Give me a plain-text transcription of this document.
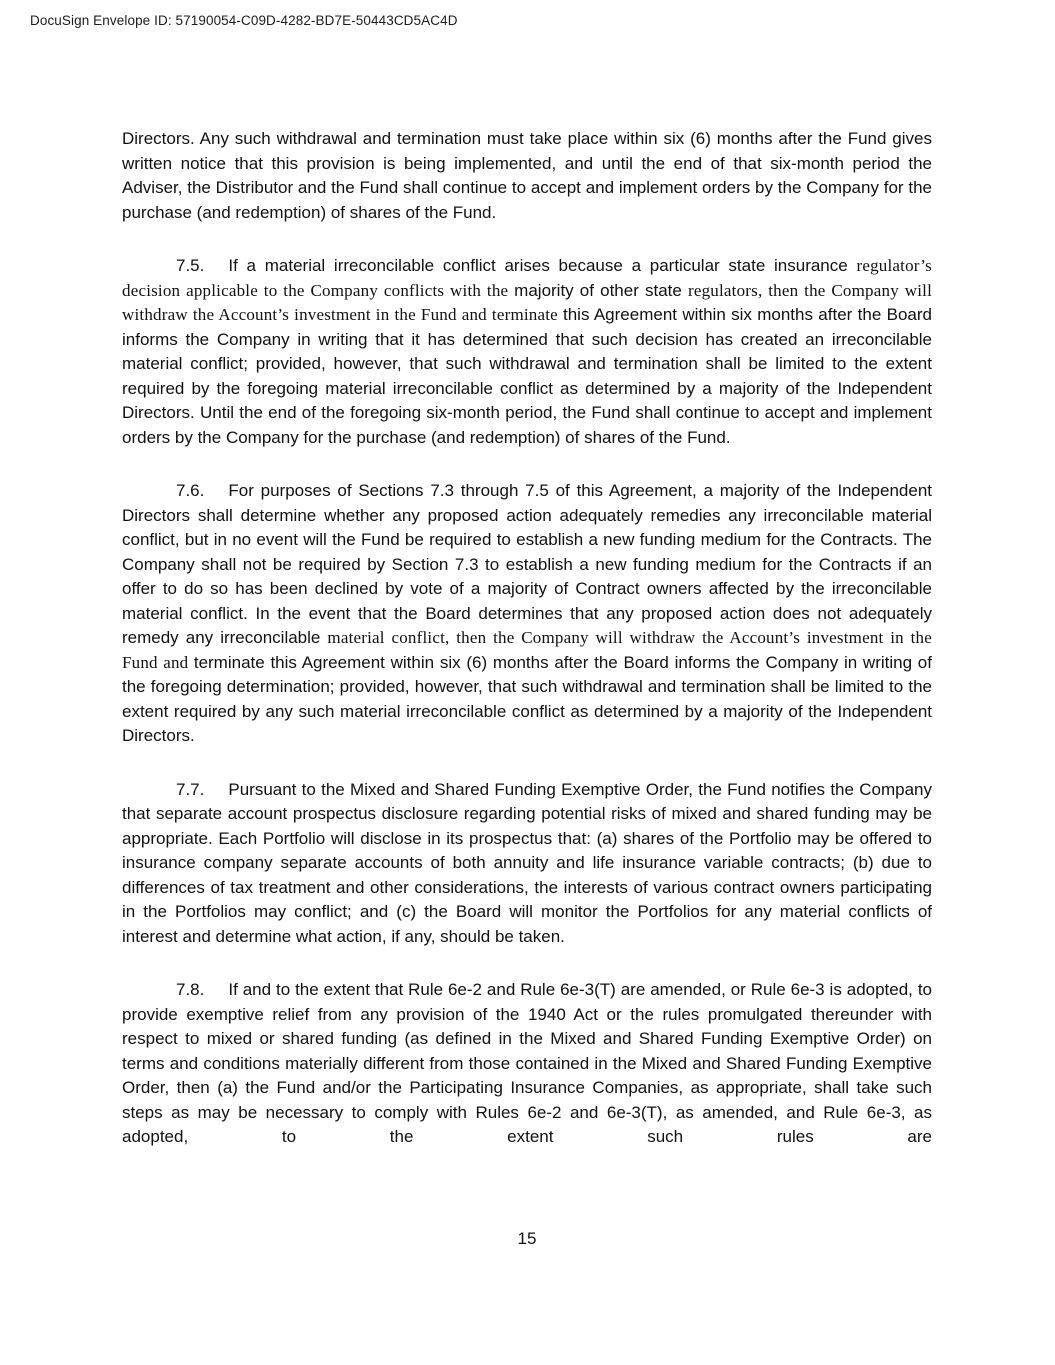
DocuSign Envelope ID: 57190054-C09D-4282-BD7E-50443CD5AC4D

Directors. Any such withdrawal and termination must take place within six (6) months after the Fund gives written notice that this provision is being implemented, and until the end of that six-month period the Adviser, the Distributor and the Fund shall continue to accept and implement orders by the Company for the purchase (and redemption) of shares of the Fund.

7.5. If a material irreconcilable conflict arises because a particular state insurance regulator’s decision applicable to the Company conflicts with the majority of other state regulators, then the Company will withdraw the Account’s investment in the Fund and terminate this Agreement within six months after the Board informs the Company in writing that it has determined that such decision has created an irreconcilable material conflict; provided, however, that such withdrawal and termination shall be limited to the extent required by the foregoing material irreconcilable conflict as determined by a majority of the Independent Directors. Until the end of the foregoing six-month period, the Fund shall continue to accept and implement orders by the Company for the purchase (and redemption) of shares of the Fund.

7.6. For purposes of Sections 7.3 through 7.5 of this Agreement, a majority of the Independent Directors shall determine whether any proposed action adequately remedies any irreconcilable material conflict, but in no event will the Fund be required to establish a new funding medium for the Contracts. The Company shall not be required by Section 7.3 to establish a new funding medium for the Contracts if an offer to do so has been declined by vote of a majority of Contract owners affected by the irreconcilable material conflict. In the event that the Board determines that any proposed action does not adequately remedy any irreconcilable material conflict, then the Company will withdraw the Account’s investment in the Fund and terminate this Agreement within six (6) months after the Board informs the Company in writing of the foregoing determination; provided, however, that such withdrawal and termination shall be limited to the extent required by any such material irreconcilable conflict as determined by a majority of the Independent Directors.

7.7. Pursuant to the Mixed and Shared Funding Exemptive Order, the Fund notifies the Company that separate account prospectus disclosure regarding potential risks of mixed and shared funding may be appropriate. Each Portfolio will disclose in its prospectus that: (a) shares of the Portfolio may be offered to insurance company separate accounts of both annuity and life insurance variable contracts; (b) due to differences of tax treatment and other considerations, the interests of various contract owners participating in the Portfolios may conflict; and (c) the Board will monitor the Portfolios for any material conflicts of interest and determine what action, if any, should be taken.

7.8. If and to the extent that Rule 6e-2 and Rule 6e-3(T) are amended, or Rule 6e-3 is adopted, to provide exemptive relief from any provision of the 1940 Act or the rules promulgated thereunder with respect to mixed or shared funding (as defined in the Mixed and Shared Funding Exemptive Order) on terms and conditions materially different from those contained in the Mixed and Shared Funding Exemptive Order, then (a) the Fund and/or the Participating Insurance Companies, as appropriate, shall take such steps as may be necessary to comply with Rules 6e-2 and 6e-3(T), as amended, and Rule 6e-3, as adopted, to the extent such rules are

15
